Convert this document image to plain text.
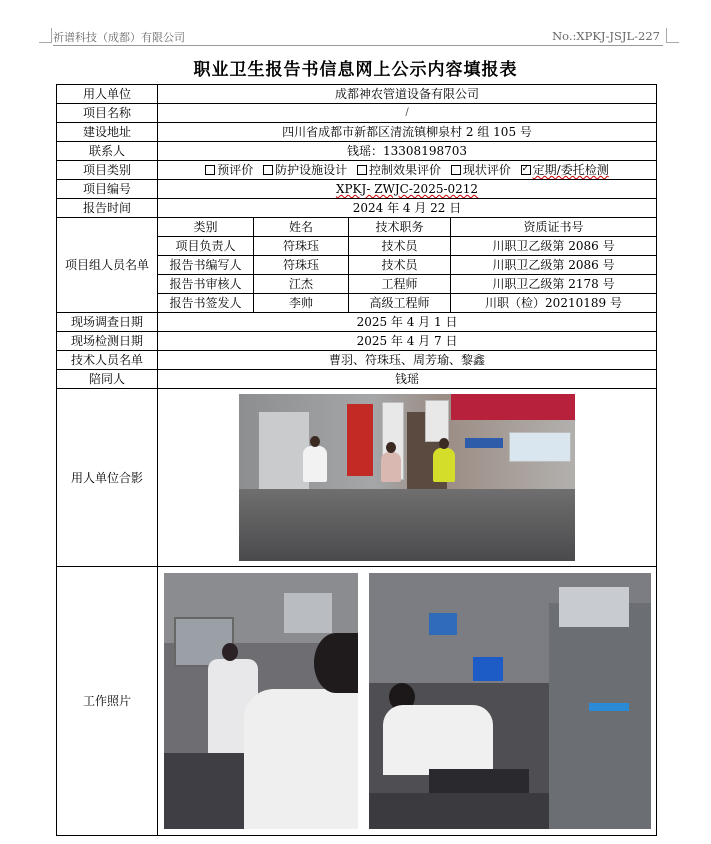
祈谱科技（成都）有限公司	No.:XPKJ-JSJL-227
职业卫生报告书信息网上公示内容填报表
用人单位	成都神农管道设备有限公司			
项目名称	/			
建设地址	四川省成都市新都区清流镇柳泉村 2 组 105 号			
联系人	钱瑶：13308198703			
项目类别	预评价 防护设施设计 控制效果评价 现状评价 ✓ 定期/委托检测
项目编号	XPKJ- ZWJC-2025-0212			
报告时间	2024 年 4 月 22 日			
项目组人员名单	类别	姓名	技术职务	资质证书号
	项目负责人	符珠珏	技术员	川职卫乙级第 2086 号
	报告书编写人	符珠珏	技术员	川职卫乙级第 2086 号
	报告书审核人	江杰	工程师	川职卫乙级第 2178 号
	报告书签发人	李帅	高级工程师	川职（检）20210189 号
现场调查日期	2025 年 4 月 1 日			
现场检测日期	2025 年 4 月 7 日			
技术人员名单	曹羽、符珠珏、周芳瑜、黎鑫			
陪同人	钱瑶			
用人单位合影				

工作照片				
